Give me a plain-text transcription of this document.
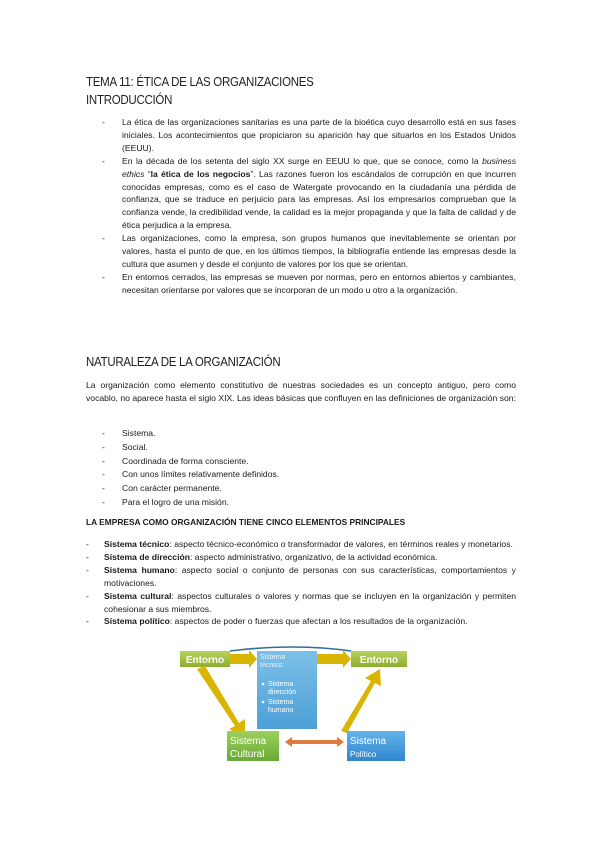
TEMA 11: ÉTICA DE LAS ORGANIZACIONES
INTRODUCCIÓN
- La ética de las organizaciones sanitarias es una parte de la bioética cuyo desarrollo está en sus fases iniciales. Los acontecimientos que propiciaron su aparición hay que situarlos en los Estados Unidos (EEUU).
- En la década de los setenta del siglo XX surge en EEUU lo que, que se conoce, como la business ethics “la ética de los negocios”. Las razones fueron los escándalos de corrupción en que incurren conocidas empresas, como es el caso de Watergate provocando en la ciudadanía una pérdida de confianza, que se traduce en perjuicio para las empresas. Así los empresarios comprueban que la confianza vende, la credibilidad vende, la calidad es la mejor propaganda y que la falta de calidad y de ética perjudica a la empresa.
- Las organizaciones, como la empresa, son grupos humanos que inevitablemente se orientan por valores, hasta el punto de que, en los últimos tiempos, la bibliografía entiende las empresas desde la cultura que asumen y desde el conjunto de valores por los que se orientan.
- En entornos cerrados, las empresas se mueven por normas, pero en entornos abiertos y cambiantes, necesitan orientarse por valores que se incorporan de un modo u otro a la organización.
NATURALEZA DE LA ORGANIZACIÓN

La organización como elemento constitutivo de nuestras sociedades es un concepto antiguo, pero como vocablo, no aparece hasta el siglo XIX. Las ideas básicas que confluyen en las definiciones de organización son:

- Sistema.
- Social.
- Coordinada de forma consciente.
- Con unos límites relativamente definidos.
- Con carácter permanente.
- Para el logro de una misión.
LA EMPRESA COMO ORGANIZACIÓN TIENE CINCO ELEMENTOS PRINCIPALES
- Sistema técnico: aspecto técnico-económico o transformador de valores, en términos reales y monetarios.
- Sistema de dirección: aspecto administrativo, organizativo, de la actividad económica.
- Sistema humano: aspecto social o conjunto de personas con sus características, comportamientos y motivaciones.
- Sistema cultural: aspectos culturales o valores y normas que se incluyen en la organización y permiten cohesionar a sus miembros.
- Sistema político: aspectos de poder o fuerzas que afectan a los resultados de la organización.
Entorno	Sistema
técnico:
Sistema
dirección
Sistema
humano
Entorno
Sistema
Cultural
Sistema
Político
